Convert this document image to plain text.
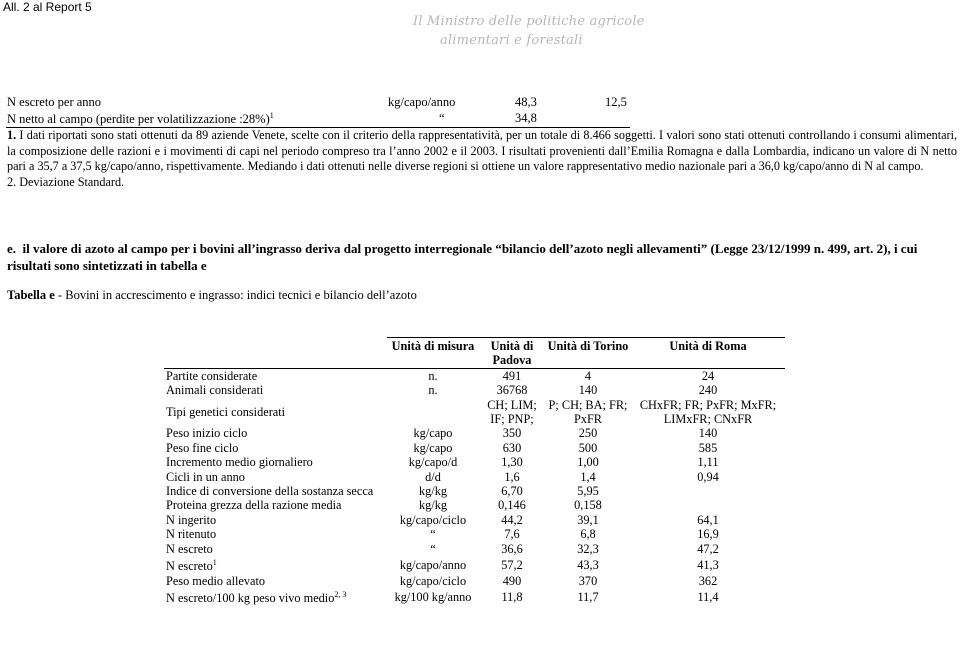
All. 2 al Report 5
Il Ministro delle politiche agricole
alimentari e forestali
N escreto per anno	kg/capo/anno	48,3	12,5
N netto al campo (perdite per volatilizzazione :28%)$^1$	“	34,8

1. I dati riportati sono stati ottenuti da 89 aziende Venete, scelte con il criterio della rappresentatività, per un totale di 8.466 soggetti. I valori sono stati ottenuti controllando i consumi alimentari, la composizione delle razioni e i movimenti di capi nel periodo compreso tra l’anno 2002 e il 2003. I risultati provenienti dall’Emilia Romagna e dalla Lombardia, indicano un valore di N netto pari a 35,7 a 37,5 kg/capo/anno, rispettivamente. Mediando i dati ottenuti nelle diverse regioni si ottiene un valore rappresentativo medio nazionale pari a 36,0 kg/capo/anno di N al campo.

2. Deviazione Standard.

e. il valore di azoto al campo per i bovini all’ingrasso deriva dal progetto interregionale “bilancio dell’azoto negli allevamenti” (Legge 23/12/1999 n. 499, art. 2), i cui risultati sono sintetizzati in tabella e
Tabella e - Bovini in accrescimento e ingrasso: indici tecnici e bilancio dell’azoto
	Unità di misura	Unità di Padova	Unità di Torino	Unità di Roma
Partite considerate	n.	491	4	24
Animali considerati	n.	36768	140	240
Tipi genetici considerati		CH; LIM; IF; PNP;	P; CH; BA; FR; PxFR	CHxFR; FR; PxFR; MxFR; LIMxFR; CNxFR
Peso inizio ciclo	kg/capo	350	250	140
Peso fine ciclo	kg/capo	630	500	585
Incremento medio giornaliero	kg/capo/d	1,30	1,00	1,11
Cicli in un anno	d/d	1,6	1,4	0,94
Indice di conversione della sostanza secca	kg/kg	6,70	5,95	
Proteina grezza della razione media	kg/kg	0,146	0,158	
N ingerito	kg/capo/ciclo	44,2	39,1	64,1
N ritenuto	“	7,6	6,8	16,9
N escreto	“	36,6	32,3	47,2
N escreto$^1$	kg/capo/anno	57,2	43,3	41,3
Peso medio allevato	kg/capo/ciclo	490	370	362
N escreto/100 kg peso vivo medio$^{2, 3}$	kg/100 kg/anno	11,8	11,7	11,4
